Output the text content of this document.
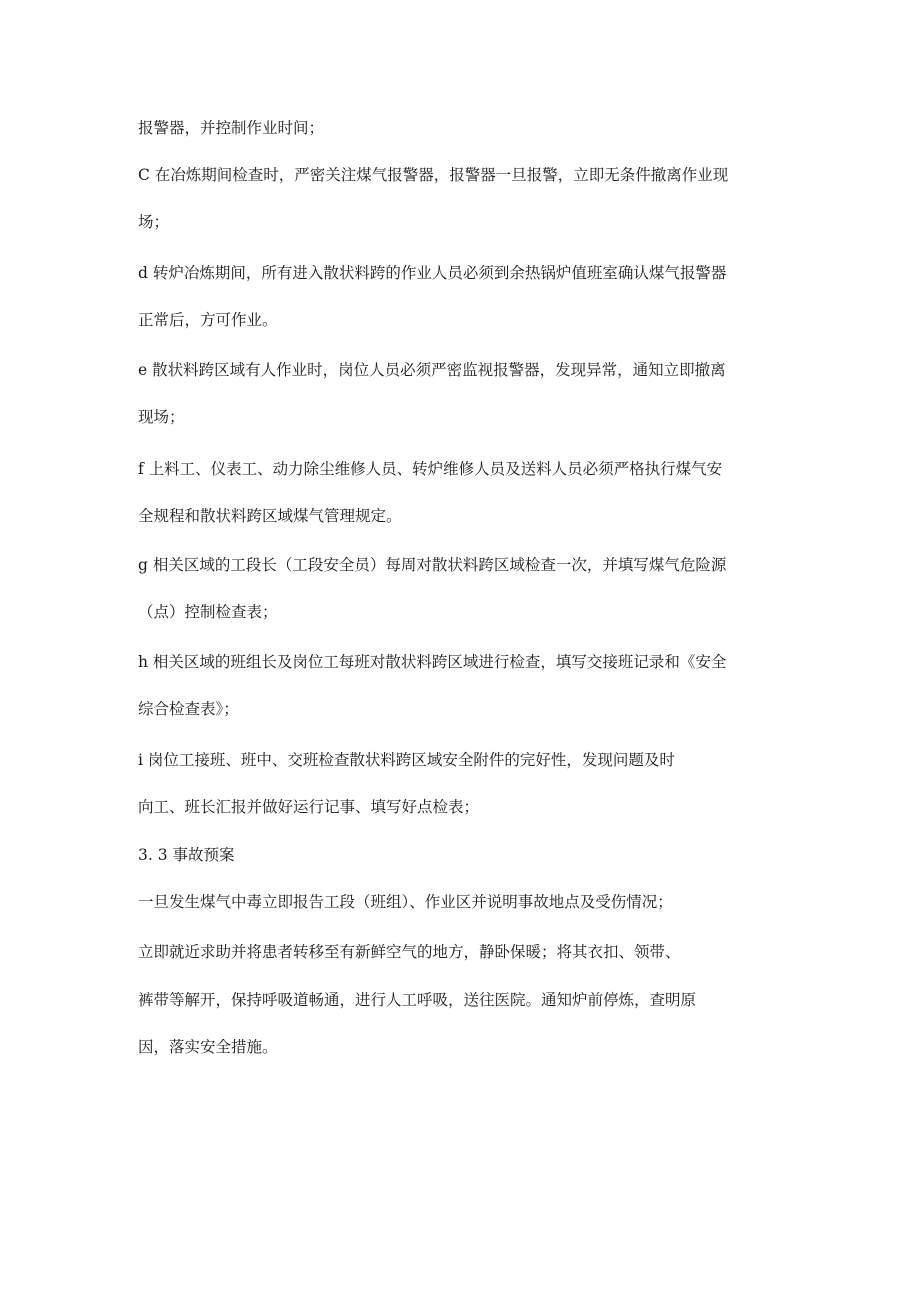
报警器，并控制作业时间；

C 在冶炼期间检查时，严密关注煤气报警器，报警器一旦报警，立即无条件撤离作业现

场；

d 转炉冶炼期间，所有进入散状料跨的作业人员必须到余热锅炉值班室确认煤气报警器

正常后，方可作业。

e 散状料跨区域有人作业时，岗位人员必须严密监视报警器，发现异常，通知立即撤离

现场；

f 上料工、仪表工、动力除尘维修人员、转炉维修人员及送料人员必须严格执行煤气安

全规程和散状料跨区域煤气管理规定。

g 相关区域的工段长（工段安全员）每周对散状料跨区域检查一次，并填写煤气危险源

（点）控制检查表；

h 相关区域的班组长及岗位工每班对散状料跨区域进行检查，填写交接班记录和《安全

综合检查表》；

i 岗位工接班、班中、交班检查散状料跨区域安全附件的完好性，发现问题及时

向工、班长汇报并做好运行记事、填写好点检表；

3. 3 事故预案

一旦发生煤气中毒立即报告工段（班组）、作业区并说明事故地点及受伤情况；

立即就近求助并将患者转移至有新鲜空气的地方，静卧保暖；将其衣扣、领带、

裤带等解开，保持呼吸道畅通，进行人工呼吸，送往医院。通知炉前停炼，查明原

因，落实安全措施。
